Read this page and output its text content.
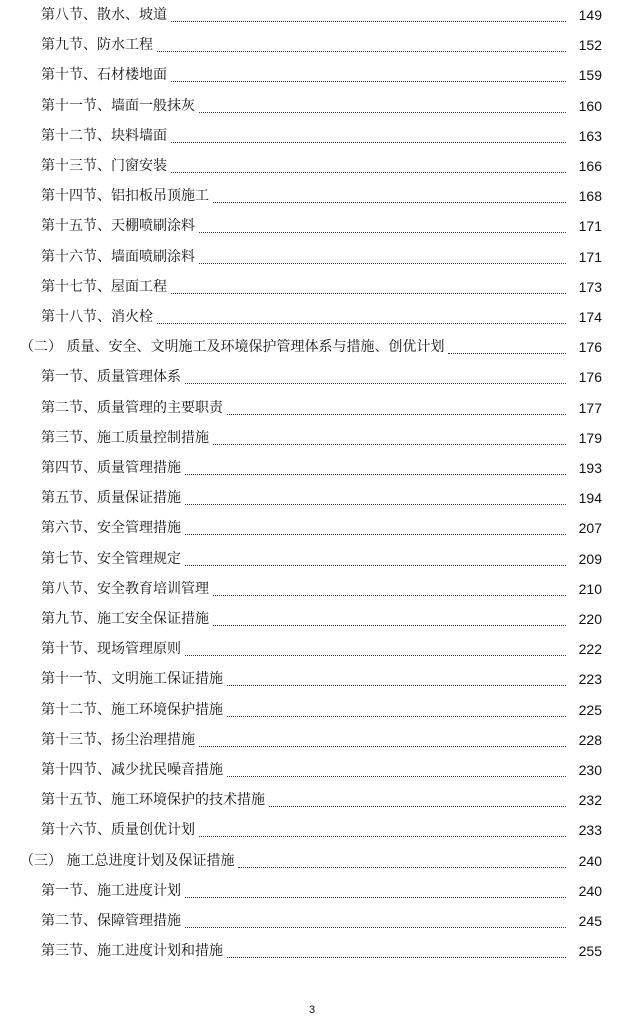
第八节、散水、坡道	149
第九节、防水工程	152
第十节、石材楼地面	159
第十一节、墙面一般抹灰	160
第十二节、块料墙面	163
第十三节、门窗安装	166
第十四节、铝扣板吊顶施工	168
第十五节、天棚喷刷涂料	171
第十六节、墙面喷刷涂料	171
第十七节、屋面工程	173
第十八节、消火栓	174
（二） 质量、安全、文明施工及环境保护管理体系与措施、创优计划	176
第一节、质量管理体系	176
第二节、质量管理的主要职责	177
第三节、施工质量控制措施	179
第四节、质量管理措施	193
第五节、质量保证措施	194
第六节、安全管理措施	207
第七节、安全管理规定	209
第八节、安全教育培训管理	210
第九节、施工安全保证措施	220
第十节、现场管理原则	222
第十一节、文明施工保证措施	223
第十二节、施工环境保护措施	225
第十三节、扬尘治理措施	228
第十四节、减少扰民噪音措施	230
第十五节、施工环境保护的技术措施	232
第十六节、质量创优计划	233
（三） 施工总进度计划及保证措施	240
第一节、施工进度计划	240
第二节、保障管理措施	245
第三节、施工进度计划和措施	255
3
